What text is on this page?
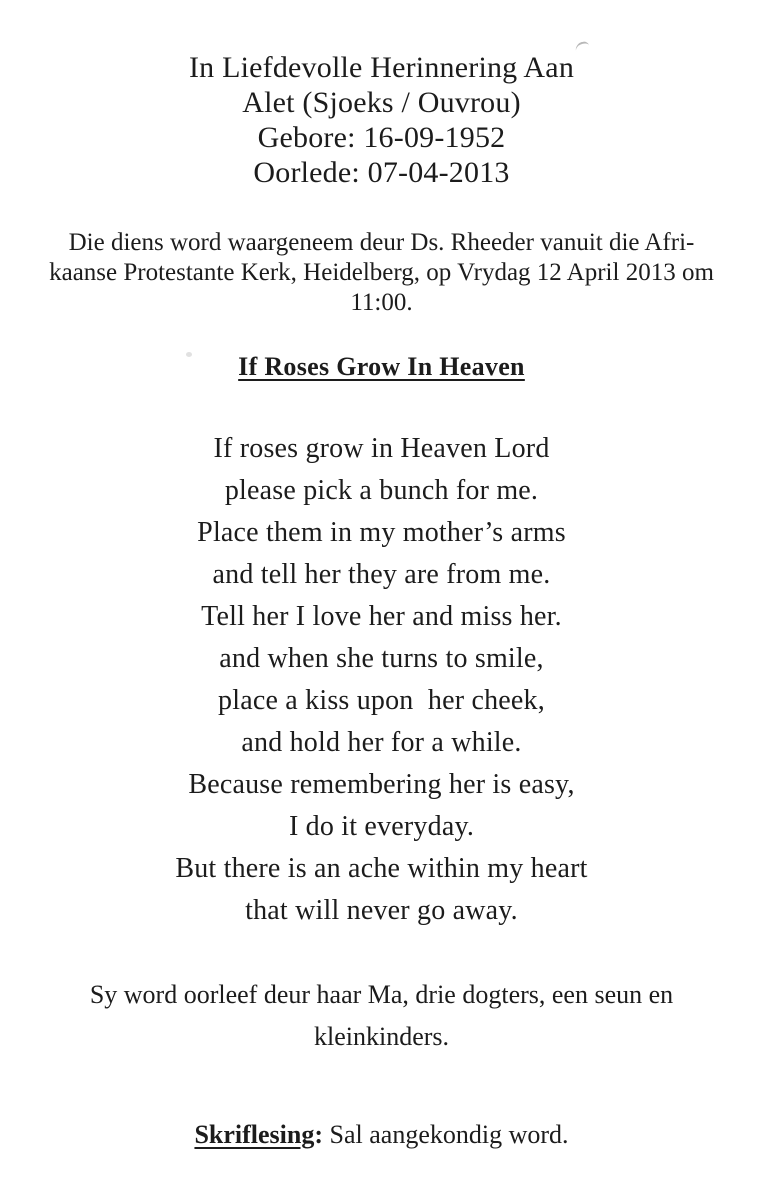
In Liefdevolle Herinnering Aan
Alet (Sjoeks / Ouvrou)
Gebore: 16-09-1952
Oorlede: 07-04-2013
Die diens word waargeneem deur Ds. Rheeder vanuit die Afri-
kaanse Protestante Kerk, Heidelberg, op Vrydag 12 April 2013 om
11:00.
If Roses Grow In Heaven
If roses grow in Heaven Lord
please pick a bunch for me.
Place them in my mother’s arms
and tell her they are from me.
Tell her I love her and miss her.
and when she turns to smile,
place a kiss upon  her cheek,
and hold her for a while.
Because remembering her is easy,
I do it everyday.
But there is an ache within my heart
that will never go away.
Sy word oorleef deur haar Ma, drie dogters, een seun en
kleinkinders.
Skriflesing: Sal aangekondig word.
